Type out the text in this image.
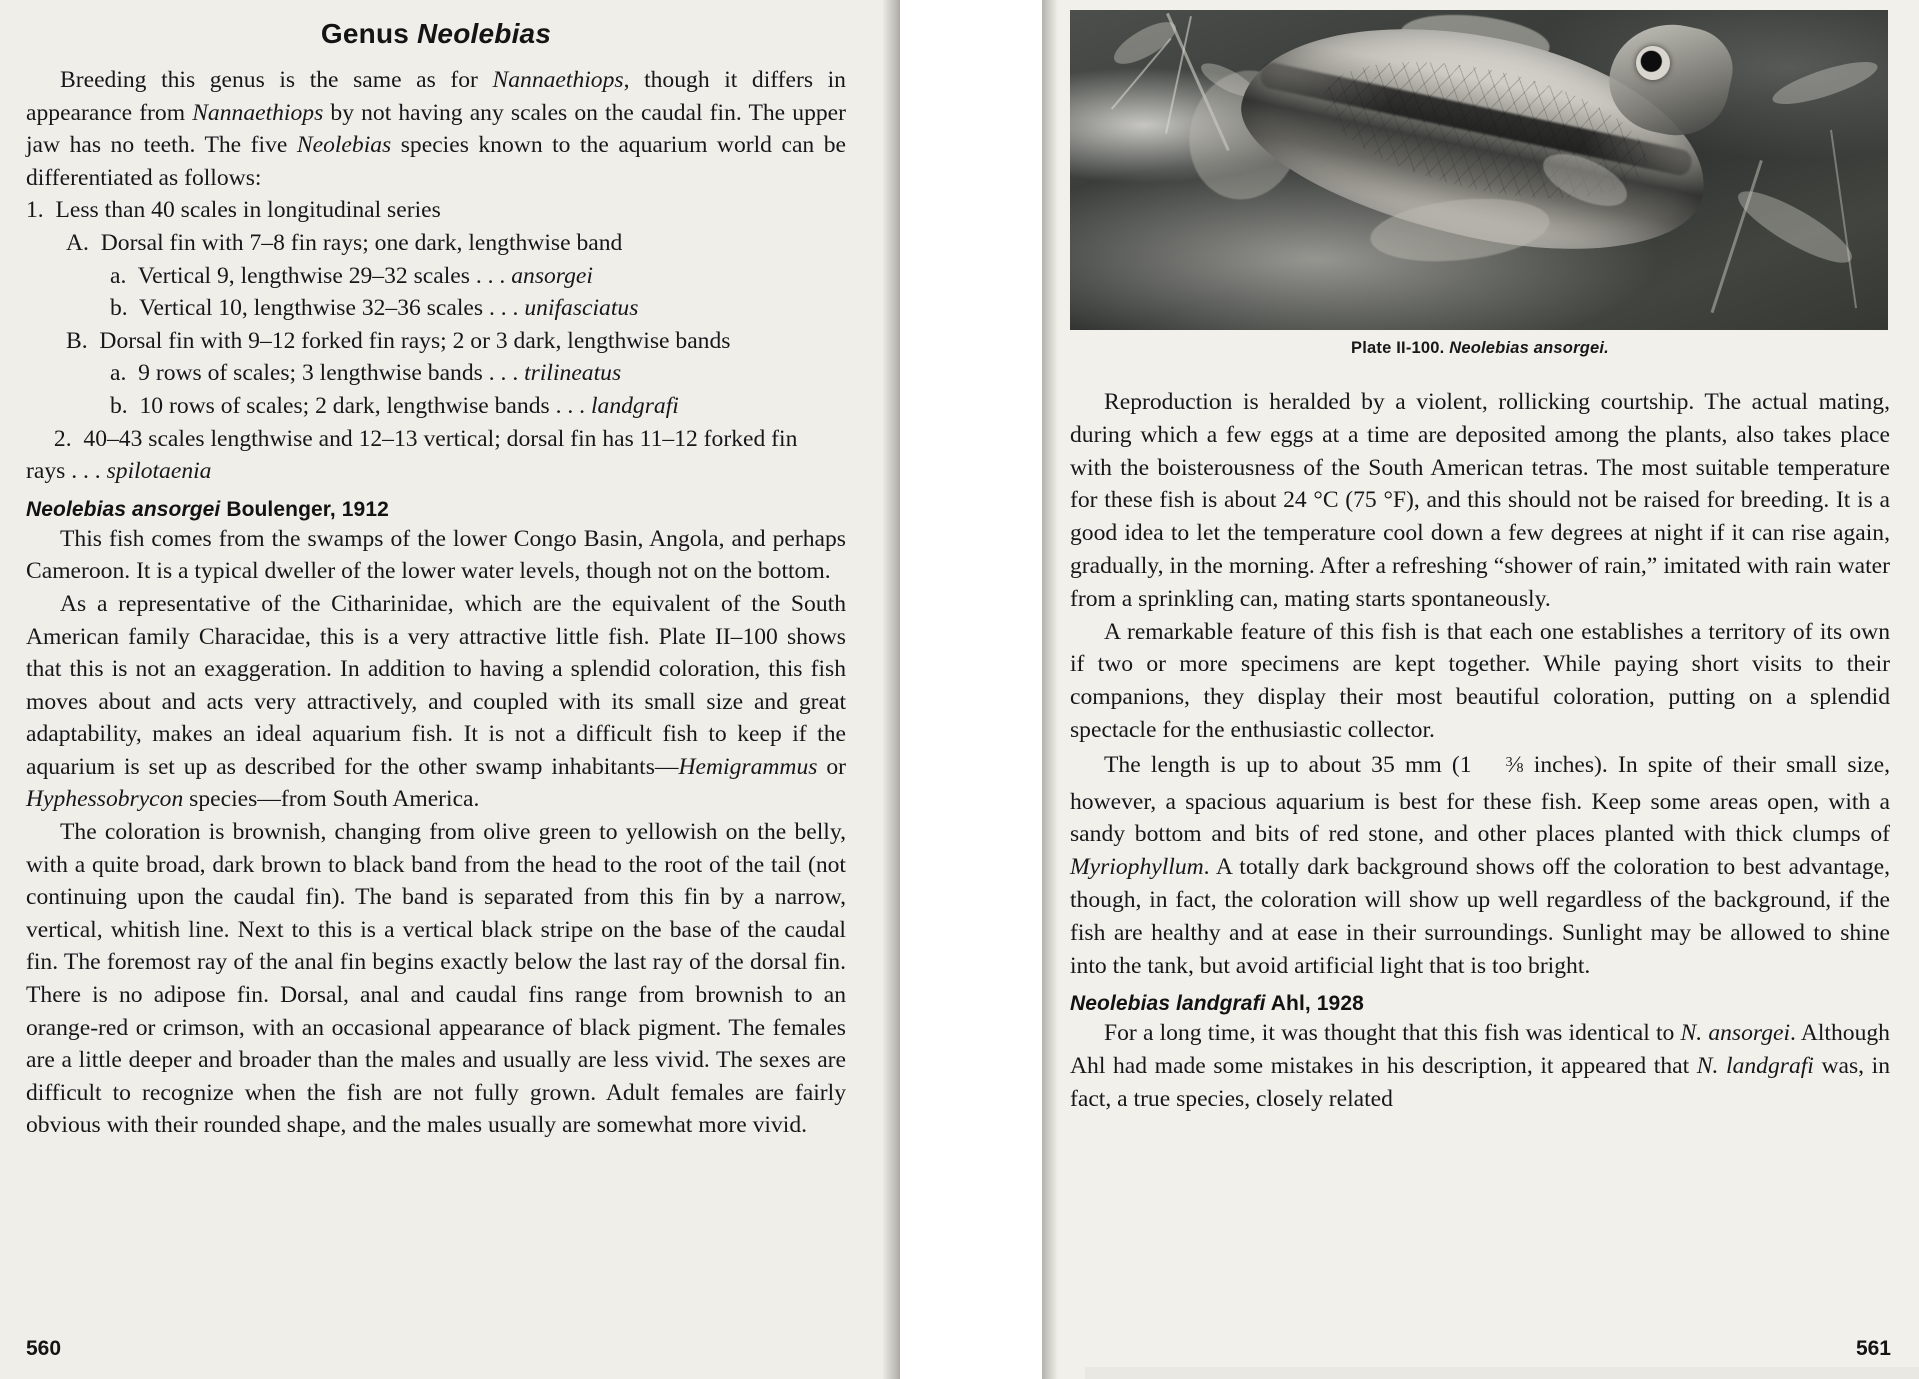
Genus Neolebias

Breeding this genus is the same as for Nannaethiops, though it differs in appearance from Nannaethiops by not having any scales on the caudal fin. The upper jaw has no teeth. The five Neolebias species known to the aquarium world can be differentiated as follows:

1.  Less than 40 scales in longitudinal series
A.  Dorsal fin with 7–8 fin rays; one dark, lengthwise band
a.  Vertical 9, lengthwise 29–32 scales . . . ansorgei
b.  Vertical 10, lengthwise 32–36 scales . . . unifasciatus
B.  Dorsal fin with 9–12 forked fin rays; 2 or 3 dark, lengthwise bands
a.  9 rows of scales; 3 lengthwise bands . . . trilineatus
b.  10 rows of scales; 2 dark, lengthwise bands . . . landgrafi
2.  40–43 scales lengthwise and 12–13 vertical; dorsal fin has 11–12 forked fin rays . . . spilotaenia
Neolebias ansorgei Boulenger, 1912

This fish comes from the swamps of the lower Congo Basin, Angola, and perhaps Cameroon. It is a typical dweller of the lower water levels, though not on the bottom.

As a representative of the Citharinidae, which are the equivalent of the South American family Characidae, this is a very attractive little fish. Plate II–100 shows that this is not an exaggeration. In addition to having a splendid coloration, this fish moves about and acts very attractively, and coupled with its small size and great adaptability, makes an ideal aquarium fish. It is not a difficult fish to keep if the aquarium is set up as described for the other swamp inhabitants—Hemigrammus or Hyphessobrycon species—from South America.

The coloration is brownish, changing from olive green to yellowish on the belly, with a quite broad, dark brown to black band from the head to the root of the tail (not continuing upon the caudal fin). The band is separated from this fin by a narrow, vertical, whitish line. Next to this is a vertical black stripe on the base of the caudal fin. The foremost ray of the anal fin begins exactly below the last ray of the dorsal fin. There is no adipose fin. Dorsal, anal and caudal fins range from brownish to an orange-red or crimson, with an occasional appearance of black pigment. The females are a little deeper and broader than the males and usually are less vivid. The sexes are difficult to recognize when the fish are not fully grown. Adult females are fairly obvious with their rounded shape, and the males usually are somewhat more vivid.

560
Plate II-100. Neolebias ansorgei.

Reproduction is heralded by a violent, rollicking courtship. The actual mating, during which a few eggs at a time are deposited among the plants, also takes place with the boisterousness of the South American tetras. The most suitable temperature for these fish is about 24 °C (75 °F), and this should not be raised for breeding. It is a good idea to let the temperature cool down a few degrees at night if it can rise again, gradually, in the morning. After a refreshing “shower of rain,” imitated with rain water from a sprinkling can, mating starts spontaneously.

A remarkable feature of this fish is that each one establishes a territory of its own if two or more specimens are kept together. While paying short visits to their companions, they display their most beautiful coloration, putting on a splendid spectacle for the enthusiastic collector.

The length is up to about 35 mm (1 $^3$⁄8 inches). In spite of their small size, however, a spacious aquarium is best for these fish. Keep some areas open, with a sandy bottom and bits of red stone, and other places planted with thick clumps of Myriophyllum. A totally dark background shows off the coloration to best advantage, though, in fact, the coloration will show up well regardless of the background, if the fish are healthy and at ease in their surroundings. Sunlight may be allowed to shine into the tank, but avoid artificial light that is too bright.

Neolebias landgrafi Ahl, 1928

For a long time, it was thought that this fish was identical to N. ansorgei. Although Ahl had made some mistakes in his description, it appeared that N. landgrafi was, in fact, a true species, closely related

561
